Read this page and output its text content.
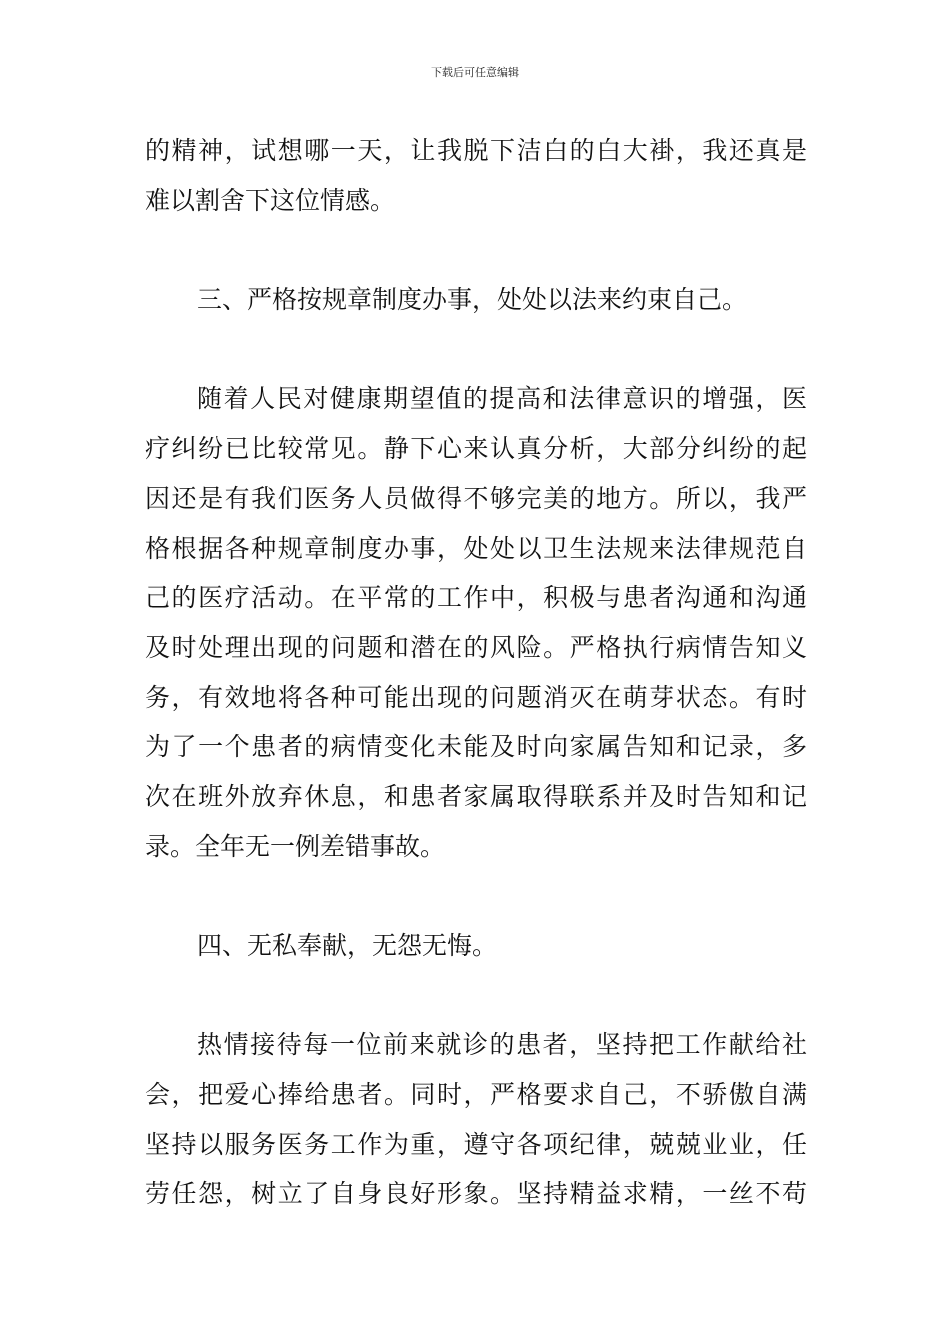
下载后可任意编辑
的精神，试想哪一天，让我脱下洁白的白大褂，我还真是
难以割舍下这位情感。
三、严格按规章制度办事，处处以法来约束自己。
随着人民对健康期望值的提高和法律意识的增强，医
疗纠纷已比较常见。静下心来认真分析，大部分纠纷的起
因还是有我们医务人员做得不够完美的地方。所以，我严
格根据各种规章制度办事，处处以卫生法规来法律规范自
己的医疗活动。在平常的工作中，积极与患者沟通和沟通
及时处理出现的问题和潜在的风险。严格执行病情告知义
务，有效地将各种可能出现的问题消灭在萌芽状态。有时
为了一个患者的病情变化未能及时向家属告知和记录，多
次在班外放弃休息，和患者家属取得联系并及时告知和记
录。全年无一例差错事故。
四、无私奉献，无怨无悔。
热情接待每一位前来就诊的患者，坚持把工作献给社
会，把爱心捧给患者。同时，严格要求自己，不骄傲自满
坚持以服务医务工作为重，遵守各项纪律，兢兢业业，任
劳任怨，树立了自身良好形象。坚持精益求精，一丝不苟
